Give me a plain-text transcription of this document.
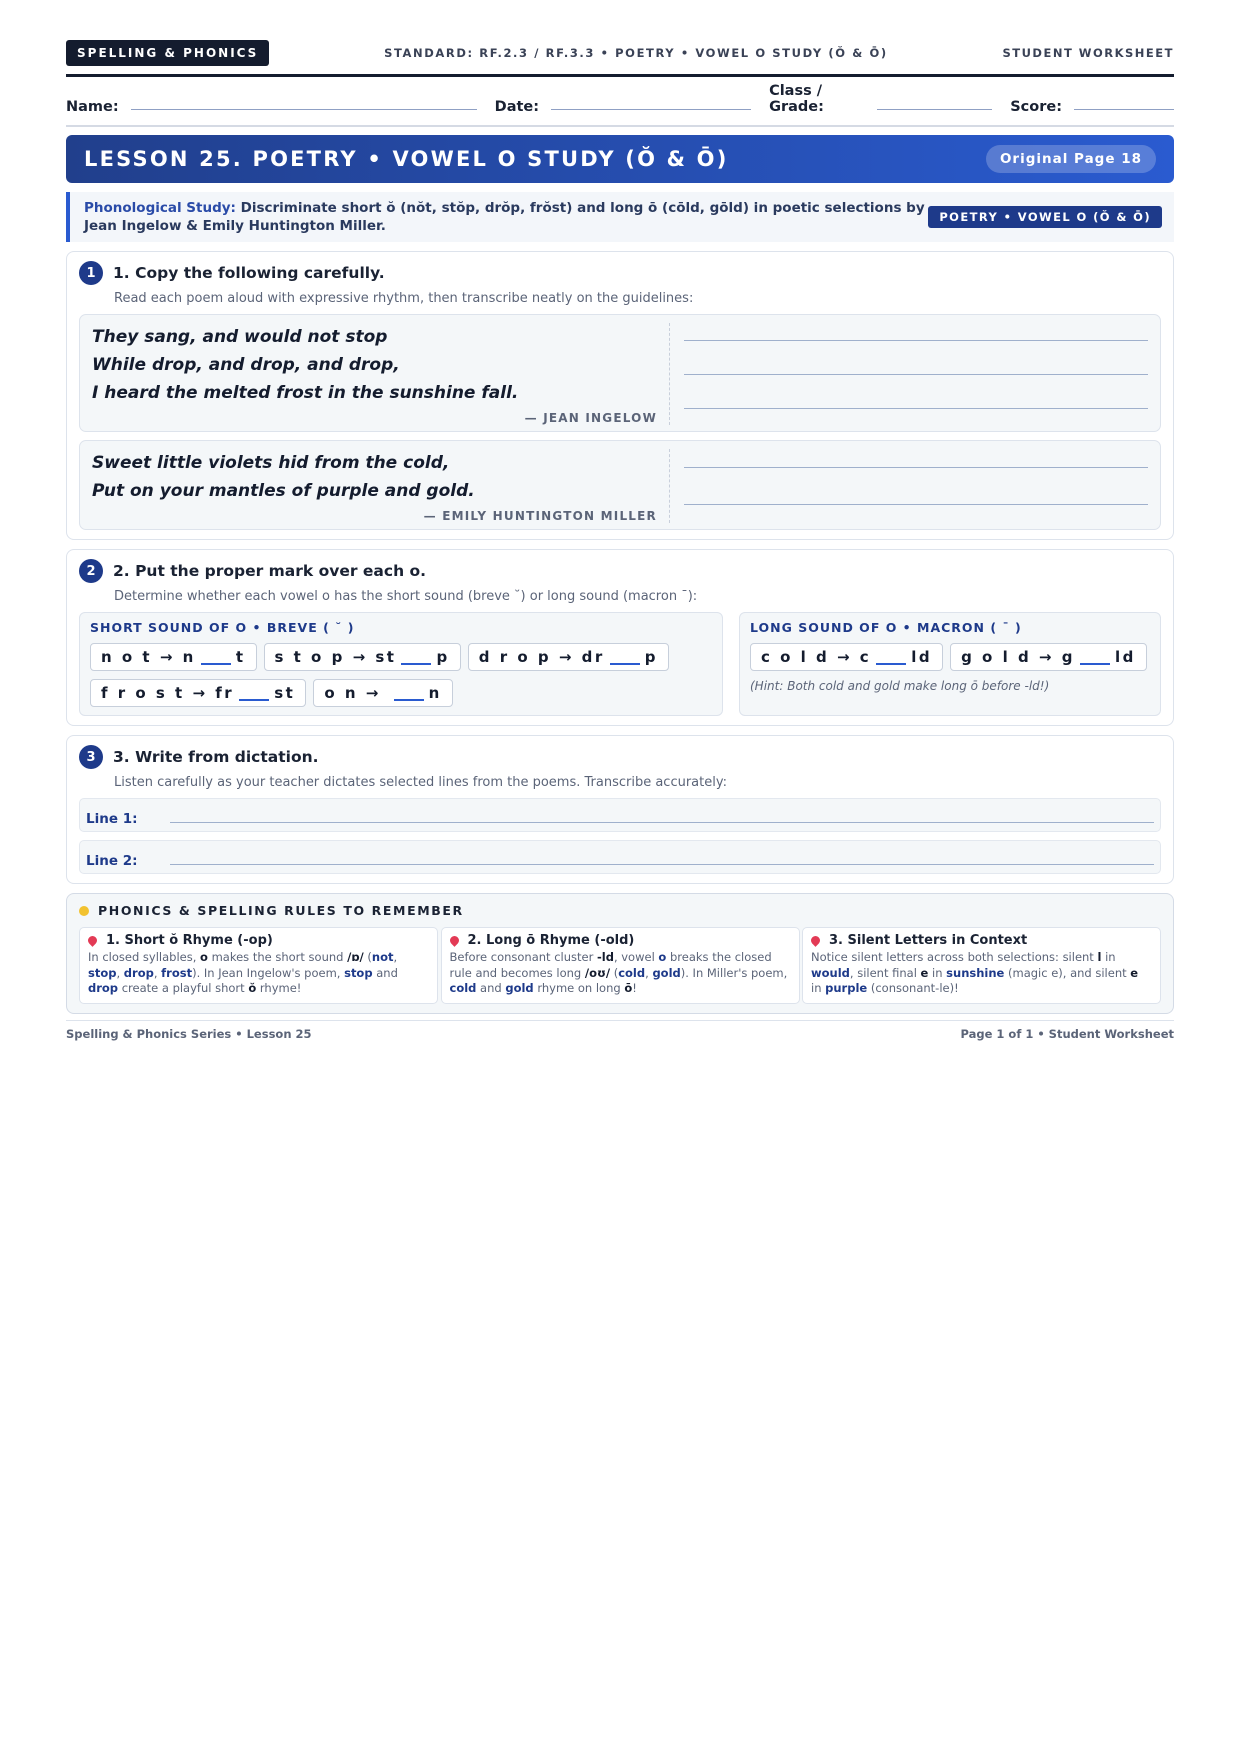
SPELLING & PHONICS	STANDARD: RF.2.3 / RF.3.3 • POETRY • VOWEL O STUDY (Ŏ & Ō)	STUDENT WORKSHEET
Name:	Date:
Class / Grade:	Score:
LESSON 25. POETRY • VOWEL O STUDY (Ŏ & Ō)	Original Page 18
Phonological Study: Discriminate short ŏ (nŏt, stŏp, drŏp, frŏst) and long ō (cōld, gōld) in poetic selections by Jean Ingelow & Emily Huntington Miller.
POETRY • VOWEL O (Ŏ & Ō)
1	1. Copy the following carefully.
Read each poem aloud with expressive rhythm, then transcribe neatly on the guidelines:
They sang, and would not stop
While drop, and drop, and drop,
I heard the melted frost in the sunshine fall.
— JEAN INGELOW
Sweet little violets hid from the cold,
Put on your mantles of purple and gold.
— EMILY HUNTINGTON MILLER
2	2. Put the proper mark over each o.
Determine whether each vowel o has the short sound (breve ˘) or long sound (macron ¯):
SHORT SOUND OF O • BREVE ( ˘ )
n o t
→
n	t s t o p
→
st	p d r o p
→
dr	p
f r o s t
→
fr	st o n
→
	n
LONG SOUND OF O • MACRON ( ¯ )
c o l d
→
c	ld g o l d
→
g	ld
(Hint: Both cold and gold make long ō before -ld!)
3	3. Write from dictation.
Listen carefully as your teacher dictates selected lines from the poems. Transcribe accurately:
Line 1:
Line 2:
PHONICS & SPELLING RULES TO REMEMBER
1. Short ŏ Rhyme (-op)
In closed syllables, o makes the short sound /ɒ/ (not, stop, drop, frost). In Jean Ingelow's poem, stop and drop create a playful short ŏ rhyme!
2. Long ō Rhyme (-old)
Before consonant cluster -ld, vowel o breaks the closed rule and becomes long /oʊ/ (cold, gold). In Miller's poem, cold and gold rhyme on long ō!
3. Silent Letters in Context
Notice silent letters across both selections: silent l in would, silent final e in sunshine (magic e), and silent e in purple (consonant-le)!
Spelling & Phonics Series • Lesson 25	Page 1 of 1 • Student Worksheet
